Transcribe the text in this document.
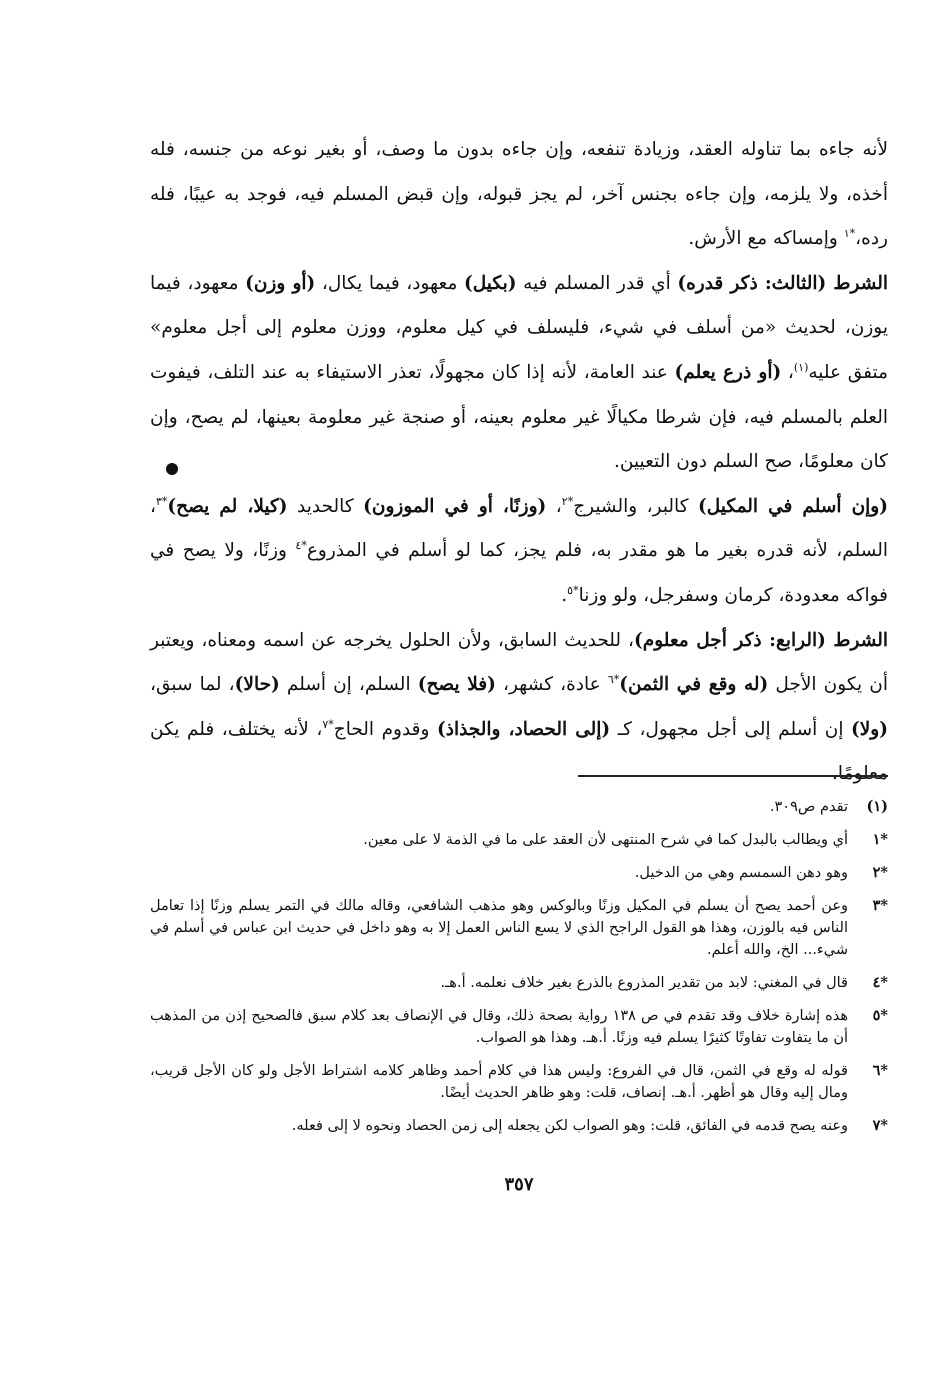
لأنه جاءه بما تناوله العقد، وزيادة تنفعه، وإن جاءه بدون ما وصف، أو بغير نوعه من جنسه، فله أخذه، ولا يلزمه، وإن جاءه بجنس آخر، لم يجز قبوله، وإن قبض المسلم فيه، فوجد به عيبًا، فله رده،$^{*١}$ وإمساكه مع الأرش.

الشرط (الثالث: ذكر قدره) أي قدر المسلم فيه (بكيل) معهود، فيما يكال، (أو وزن) معهود، فيما يوزن، لحديث «من أسلف في شيء، فليسلف في كيل معلوم، ووزن معلوم إلى أجل معلوم» متفق عليه$^{(١)}$، (أو ذرع يعلم) عند العامة، لأنه إذا كان مجهولًا، تعذر الاستيفاء به عند التلف، فيفوت العلم بالمسلم فيه، فإن شرطا مكيالًا غير معلوم بعينه، أو صنجة غير معلومة بعينها، لم يصح، وإن كان معلومًا، صح السلم دون التعيين.

(وإن أسلم في المكيل) كالبر، والشيرج$^{*٢}$، (وزنًا، أو في الموزون) كالحديد (كيلا، لم يصح)$^{*٣}$، السلم، لأنه قدره بغير ما هو مقدر به، فلم يجز، كما لو أسلم في المذروع$^{*٤}$ وزنًا، ولا يصح في فواكه معدودة، كرمان وسفرجل، ولو وزنا$^{*٥}$.

الشرط (الرابع: ذكر أجل معلوم)، للحديث السابق، ولأن الحلول يخرجه عن اسمه ومعناه، ويعتبر أن يكون الأجل (له وقع في الثمن)$^{*٦}$ عادة، كشهر، (فلا يصح) السلم، إن أسلم (حالا)، لما سبق، (ولا) إن أسلم إلى أجل مجهول، كـ (إلى الحصاد، والجذاذ) وقدوم الحاج$^{*٧}$، لأنه يختلف، فلم يكن معلومًا.

(١)
تقدم ص٣٠٩.
*١
أي ويطالب بالبدل كما في شرح المنتهى لأن العقد على ما في الذمة لا على معين.
*٢
وهو دهن السمسم وهي من الدخيل.
*٣
وعن أحمد يصح أن يسلم في المكيل وزنًا وبالوكس وهو مذهب الشافعي، وقاله مالك في التمر يسلم وزنًا إذا تعامل الناس فيه بالوزن، وهذا هو القول الراجح الذي لا يسع الناس العمل إلا به وهو داخل في حديث ابن عباس في أسلم في شيء... الخ، والله أعلم.
*٤
قال في المغني: لابد من تقدير المذروع بالذرع بغير خلاف نعلمه. أ.هـ.
*٥
هذه إشارة خلاف وقد تقدم في ص ١٣٨ رواية بصحة ذلك، وقال في الإنصاف بعد كلام سبق فالصحيح إذن من المذهب أن ما يتفاوت تفاوتًا كثيرًا يسلم فيه وزنًا. أ.هـ. وهذا هو الصواب.
*٦
قوله له وقع في الثمن، قال في الفروع: وليس هذا في كلام أحمد وظاهر كلامه اشتراط الأجل ولو كان الأجل قريب، ومال إليه وقال هو أظهر. أ.هـ. إنصاف، قلت: وهو ظاهر الحديث أيضًا.
*٧
وعنه يصح قدمه في الفائق، قلت: وهو الصواب لكن يجعله إلى زمن الحصاد ونحوه لا إلى فعله.
٣٥٧
